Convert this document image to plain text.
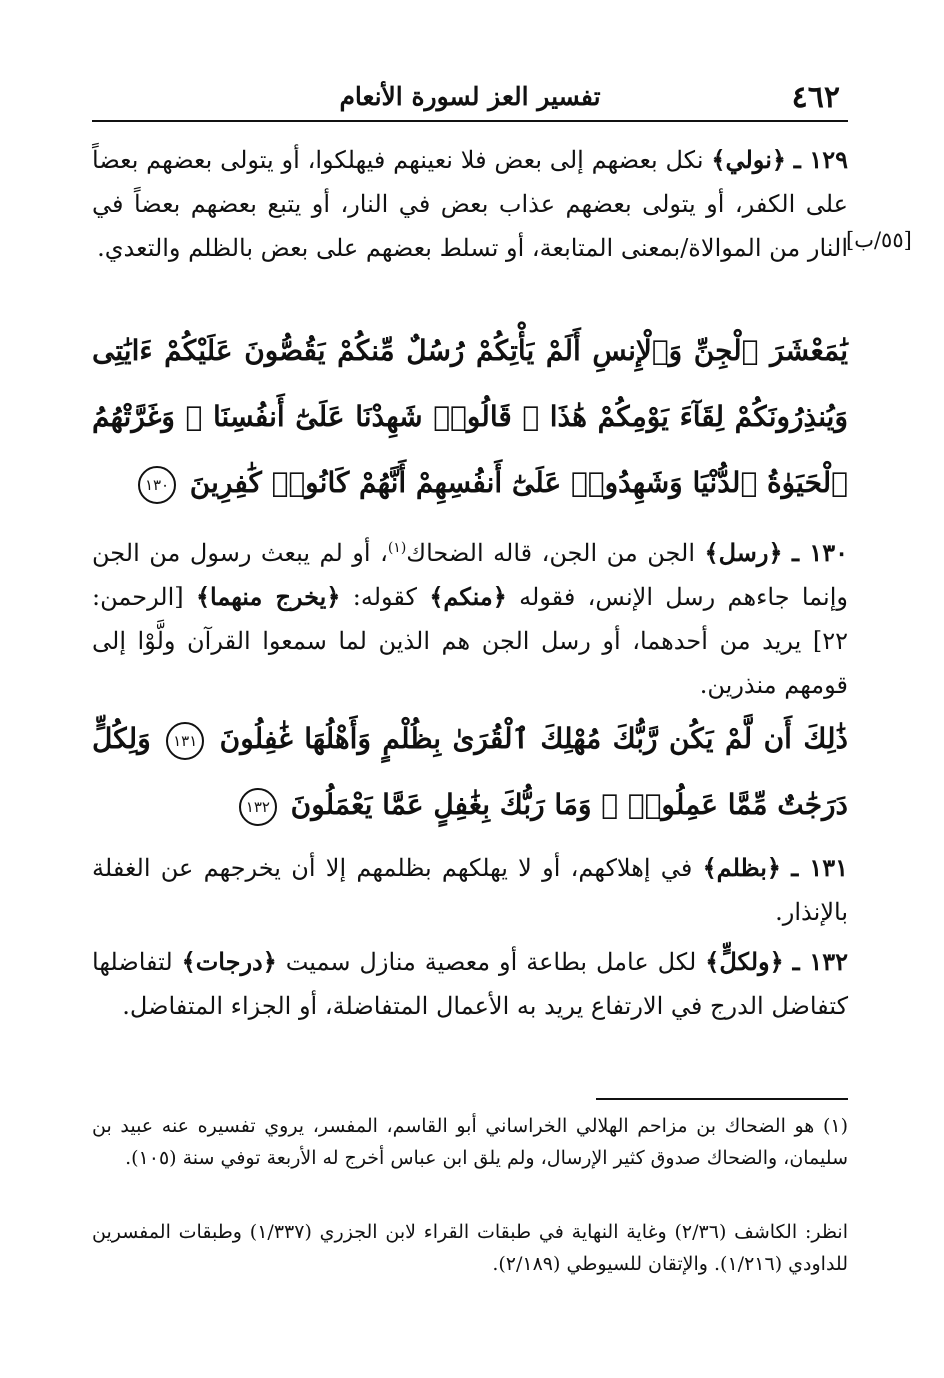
٤٦٢
تفسير العز لسورة الأنعام
١٢٩ ـ ﴿نولي﴾ نكل بعضهم إلى بعض فلا نعينهم فيهلكوا، أو يتولى بعضهم بعضاً على الكفر، أو يتولى بعضهم عذاب بعض في النار، أو يتبع بعضهم بعضاً في النار من الموالاة/بمعنى المتابعة، أو تسلط بعضهم على بعض بالظلم والتعدي.
[٥٥/ب]
يَٰمَعْشَرَ ٱلْجِنِّ وَٱلْإِنسِ أَلَمْ يَأْتِكُمْ رُسُلٌ مِّنكُمْ يَقُصُّونَ عَلَيْكُمْ ءَايَٰتِى وَيُنذِرُونَكُمْ لِقَآءَ يَوْمِكُمْ هَٰذَا ۚ قَالُوا۟ شَهِدْنَا عَلَىٰٓ أَنفُسِنَا ۖ وَغَرَّتْهُمُ ٱلْحَيَوٰةُ ٱلدُّنْيَا وَشَهِدُوا۟ عَلَىٰٓ أَنفُسِهِمْ أَنَّهُمْ كَانُوا۟ كَٰفِرِينَ ١٣٠
١٣٠ ـ ﴿رسل﴾ الجن من الجن، قاله الضحاك$^{(١)}$، أو لم يبعث رسول من الجن وإنما جاءهم رسل الإنس، فقوله ﴿منكم﴾ كقوله: ﴿يخرج منهما﴾ [الرحمن: ٢٢] يريد من أحدهما، أو رسل الجن هم الذين لما سمعوا القرآن ولَّوْا إلى قومهم منذرين.
ذَٰلِكَ أَن لَّمْ يَكُن رَّبُّكَ مُهْلِكَ ٱلْقُرَىٰ بِظُلْمٍ وَأَهْلُهَا غَٰفِلُونَ ١٣١ وَلِكُلٍّ دَرَجَٰتٌ مِّمَّا عَمِلُوا۟ ۚ وَمَا رَبُّكَ بِغَٰفِلٍ عَمَّا يَعْمَلُونَ ١٣٢
١٣١ ـ ﴿بظلم﴾ في إهلاكهم، أو لا يهلكهم بظلمهم إلا أن يخرجهم عن الغفلة بالإنذار.
١٣٢ ـ ﴿ولكلٍّ﴾ لكل عامل بطاعة أو معصية منازل سميت ﴿درجات﴾ لتفاضلها كتفاضل الدرج في الارتفاع يريد به الأعمال المتفاضلة، أو الجزاء المتفاضل.
(١) هو الضحاك بن مزاحم الهلالي الخراساني أبو القاسم، المفسر، يروي تفسيره عنه عبيد بن سليمان، والضحاك صدوق كثير الإرسال، ولم يلق ابن عباس أخرج له الأربعة توفي سنة (١٠٥).
انظر: الكاشف (٢/٣٦) وغاية النهاية في طبقات القراء لابن الجزري (١/٣٣٧) وطبقات المفسرين للداودي (١/٢١٦). والإتقان للسيوطي (٢/١٨٩).
